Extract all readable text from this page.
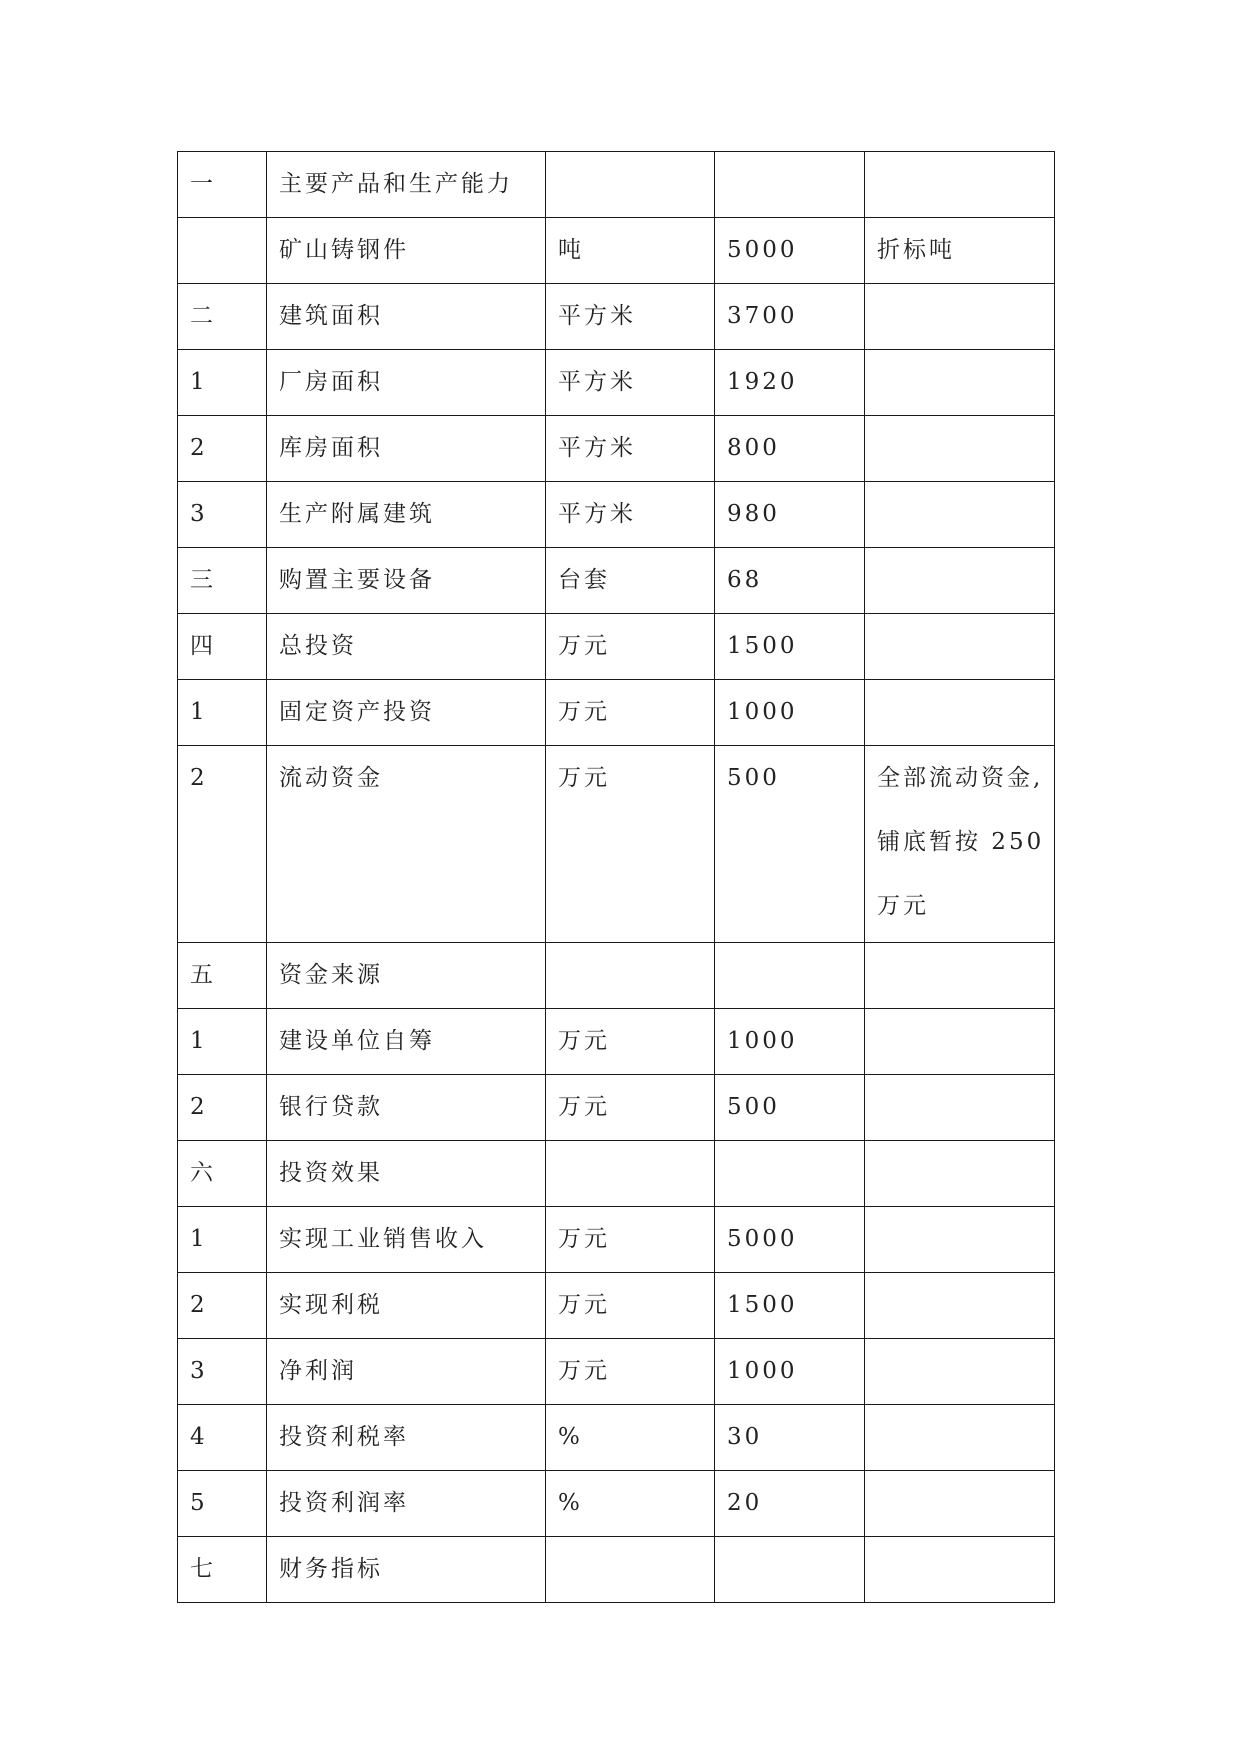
一	主要产品和生产能力			
	矿山铸钢件	吨	5000	折标吨
二	建筑面积	平方米	3700	
1	厂房面积	平方米	1920	
2	库房面积	平方米	800	
3	生产附属建筑	平方米	980	
三	购置主要设备	台套	68	
四	总投资	万元	1500	
1	固定资产投资	万元	1000	
2	流动资金	万元	500	全部流动资金,
铺底暂按 250
万元
五	资金来源			
1	建设单位自筹	万元	1000	
2	银行贷款	万元	500	
六	投资效果			
1	实现工业销售收入	万元	5000	
2	实现利税	万元	1500	
3	净利润	万元	1000	
4	投资利税率	%	30	
5	投资利润率	%	20	
七	财务指标			
